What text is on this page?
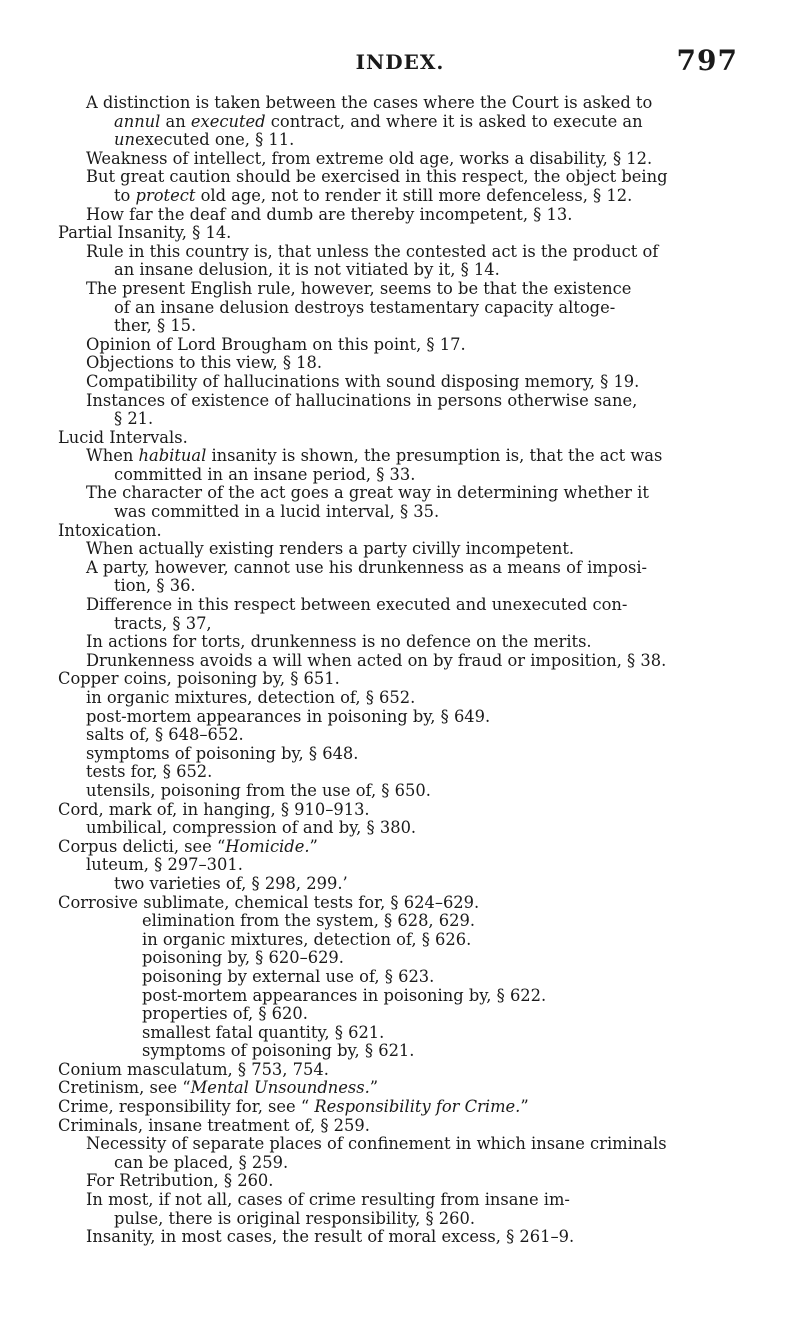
INDEX.	797
A distinction is taken between the cases where the Court is asked to
annul an executed contract, and where it is asked to execute an
unexecuted one, § 11.
Weakness of intellect, from extreme old age, works a disability, § 12.
But great caution should be exercised in this respect, the object being
to protect old age, not to render it still more defenceless, § 12.
How far the deaf and dumb are thereby incompetent, § 13.
Partial Insanity, § 14.
Rule in this country is, that unless the contested act is the product of
an insane delusion, it is not vitiated by it, § 14.
The present English rule, however, seems to be that the existence
of an insane delusion destroys testamentary capacity altoge-
ther, § 15.
Opinion of Lord Brougham on this point, § 17.
Objections to this view, § 18.
Compatibility of hallucinations with sound disposing memory, § 19.
Instances of existence of hallucinations in persons otherwise sane,
§ 21.
Lucid Intervals.
When habitual insanity is shown, the presumption is, that the act was
committed in an insane period, § 33.
The character of the act goes a great way in determining whether it
was committed in a lucid interval, § 35.
Intoxication.
When actually existing renders a party civilly incompetent.
A party, however, cannot use his drunkenness as a means of imposi-
tion, § 36.
Difference in this respect between executed and unexecuted con-
tracts, § 37,
In actions for torts, drunkenness is no defence on the merits.
Drunkenness avoids a will when acted on by fraud or imposition, § 38.
Copper coins, poisoning by, § 651.
in organic mixtures, detection of, § 652.
post-mortem appearances in poisoning by, § 649.
salts of, § 648–652.
symptoms of poisoning by, § 648.
tests for, § 652.
utensils, poisoning from the use of, § 650.
Cord, mark of, in hanging, § 910–913.
umbilical, compression of and by, § 380.
Corpus delicti, see “Homicide.”
luteum, § 297–301.
two varieties of, § 298, 299.’
Corrosive sublimate, chemical tests for, § 624–629.
elimination from the system, § 628, 629.
in organic mixtures, detection of, § 626.
poisoning by, § 620–629.
poisoning by external use of, § 623.
post-mortem appearances in poisoning by, § 622.
properties of, § 620.
smallest fatal quantity, § 621.
symptoms of poisoning by, § 621.
Conium masculatum, § 753, 754.
Cretinism, see “Mental Unsoundness.”
Crime, responsibility for, see “ Responsibility for Crime.”
Criminals, insane treatment of, § 259.
Necessity of separate places of confinement in which insane criminals
can be placed, § 259.
For Retribution, § 260.
In most, if not all, cases of crime resulting from insane im-
pulse, there is original responsibility, § 260.
Insanity, in most cases, the result of moral excess, § 261–9.
